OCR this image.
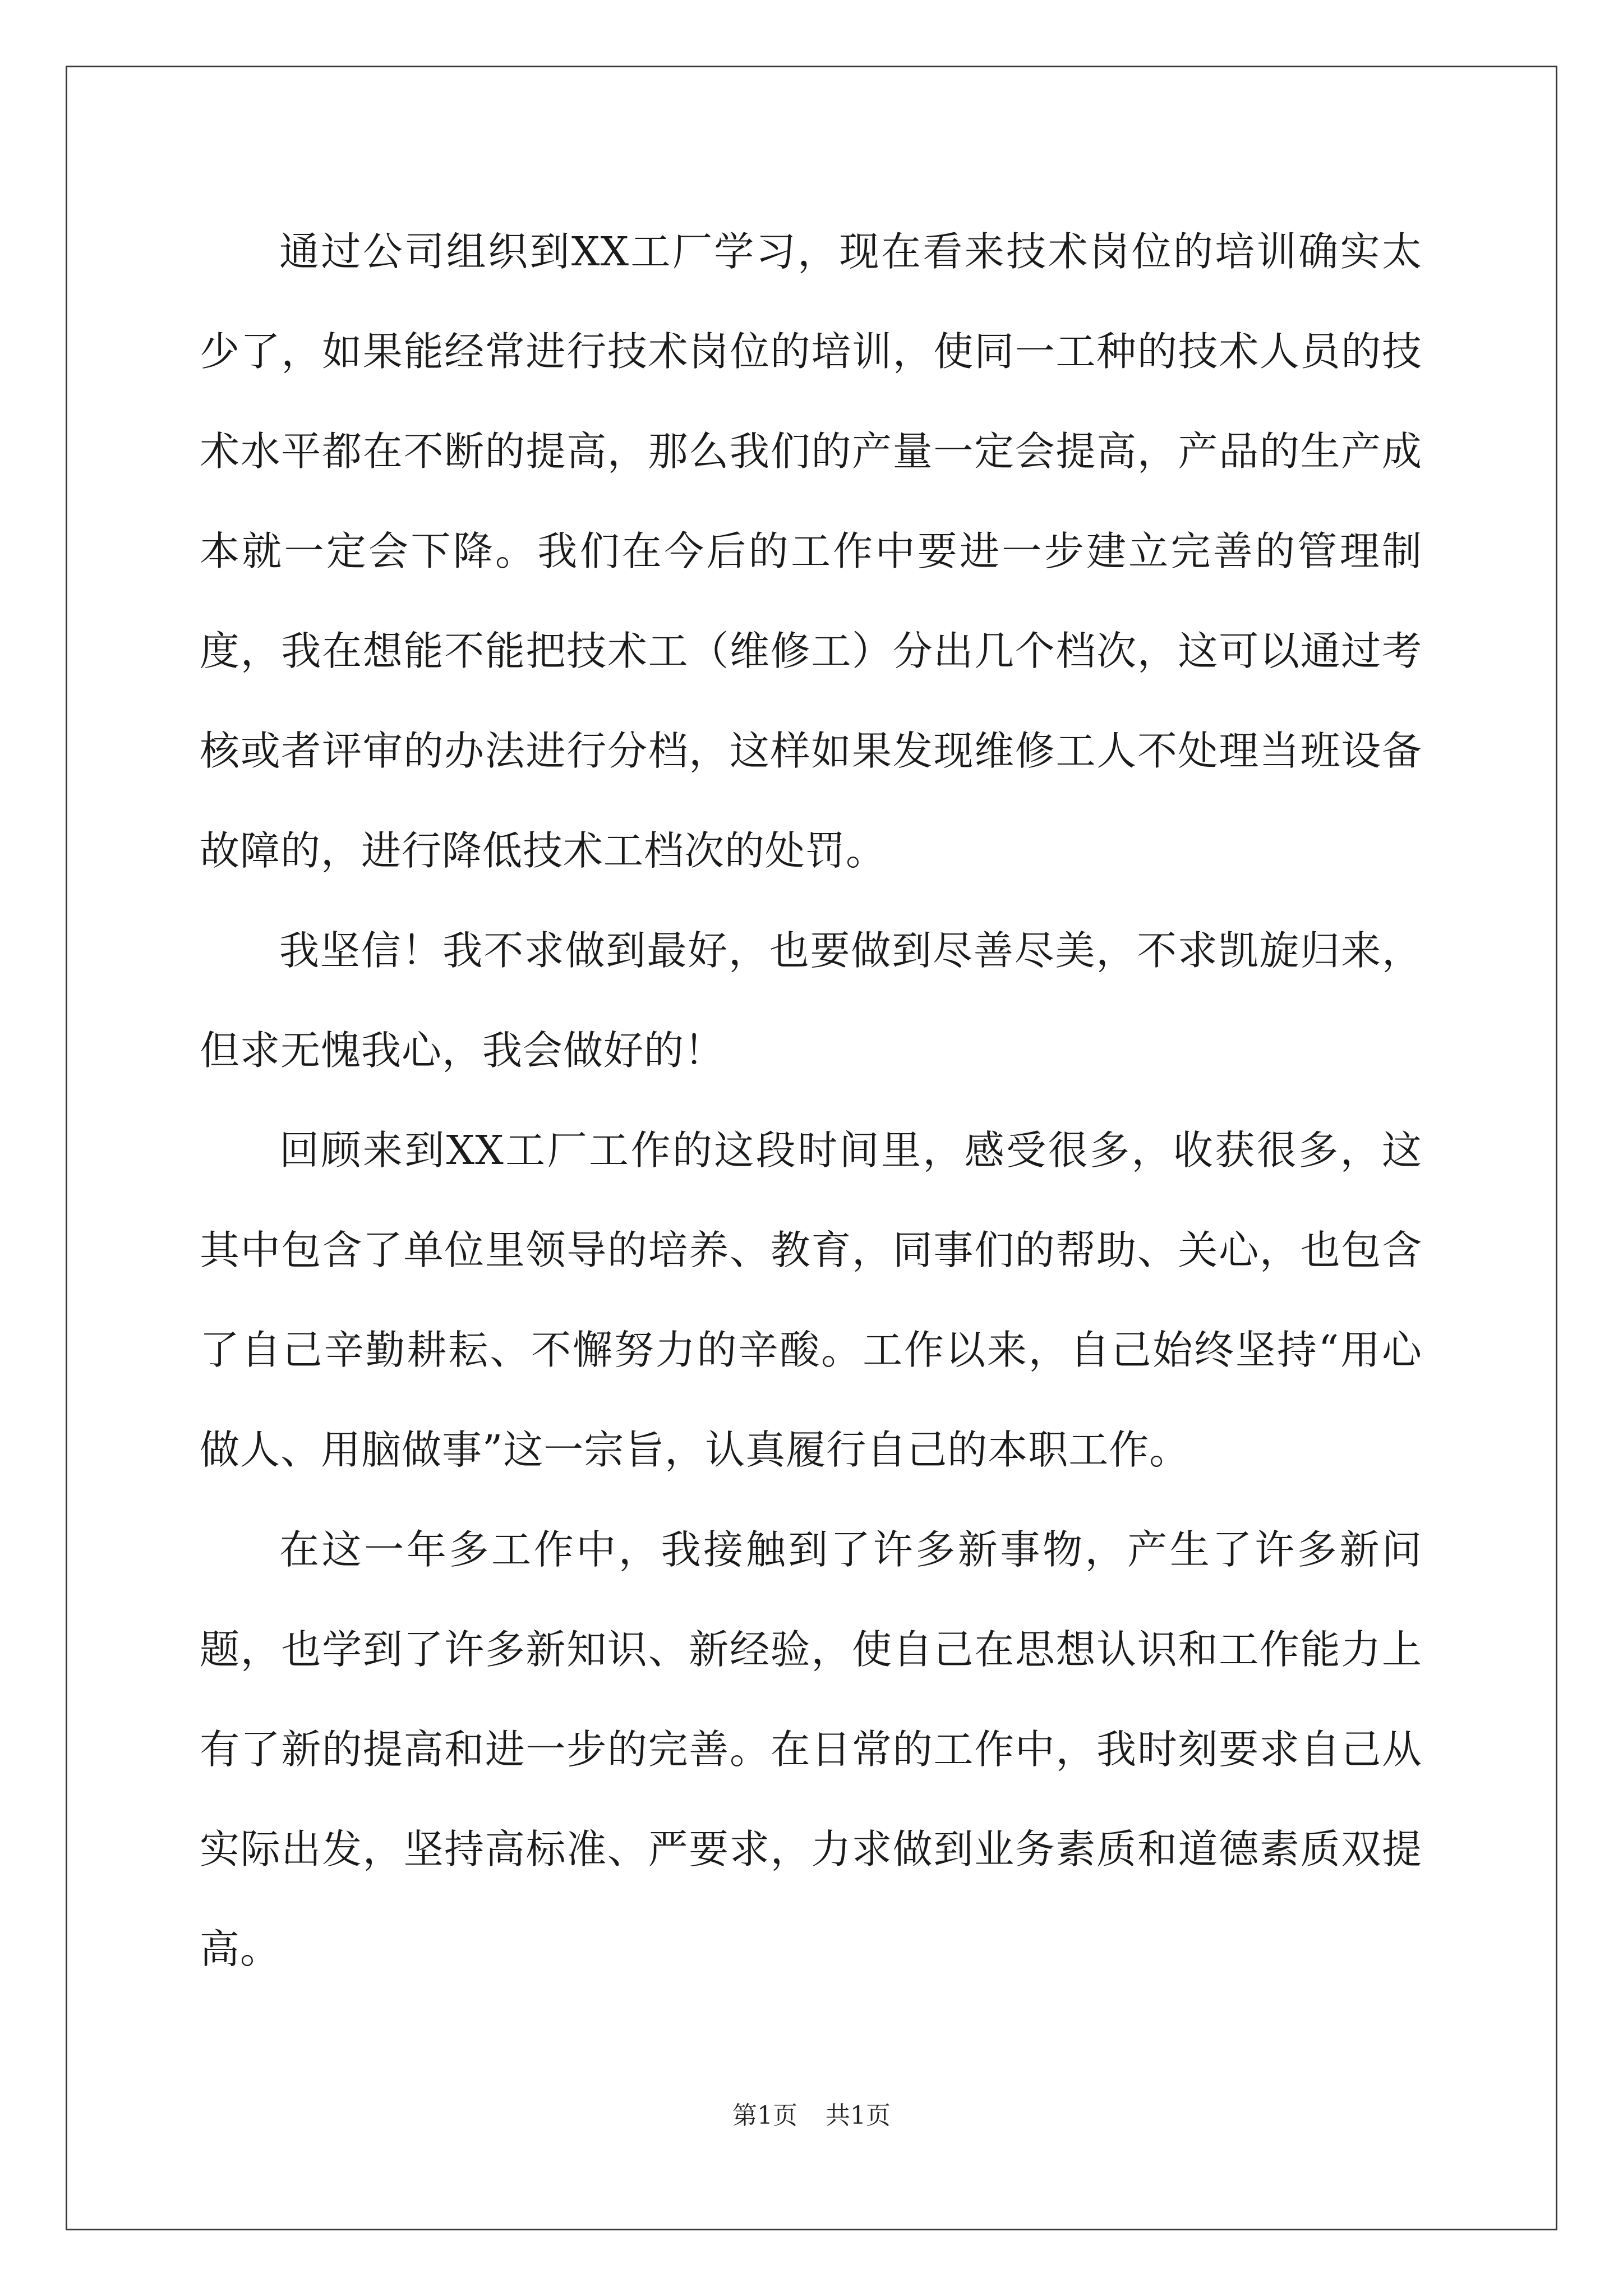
通过公司组织到XX工厂学习，现在看来技术岗位的培训确实太少了，如果能经常进行技术岗位的培训，使同一工种的技术人员的技术水平都在不断的提高，那么我们的产量一定会提高，产品的生产成本就一定会下降。我们在今后的工作中要进一步建立完善的管理制度，我在想能不能把技术工（维修工）分出几个档次，这可以通过考核或者评审的办法进行分档，这样如果发现维修工人不处理当班设备故障的，进行降低技术工档次的处罚。

我坚信！我不求做到最好，也要做到尽善尽美，不求凯旋归来，但求无愧我心，我会做好的！

回顾来到XX工厂工作的这段时间里，感受很多，收获很多，这其中包含了单位里领导的培养、教育，同事们的帮助、关心，也包含了自己辛勤耕耘、不懈努力的辛酸。工作以来，自己始终坚持“用心做人、用脑做事”这一宗旨，认真履行自己的本职工作。

在这一年多工作中，我接触到了许多新事物，产生了许多新问题，也学到了许多新知识、新经验，使自己在思想认识和工作能力上有了新的提高和进一步的完善。在日常的工作中，我时刻要求自己从实际出发，坚持高标准、严要求，力求做到业务素质和道德素质双提高。

第1页 共1页
